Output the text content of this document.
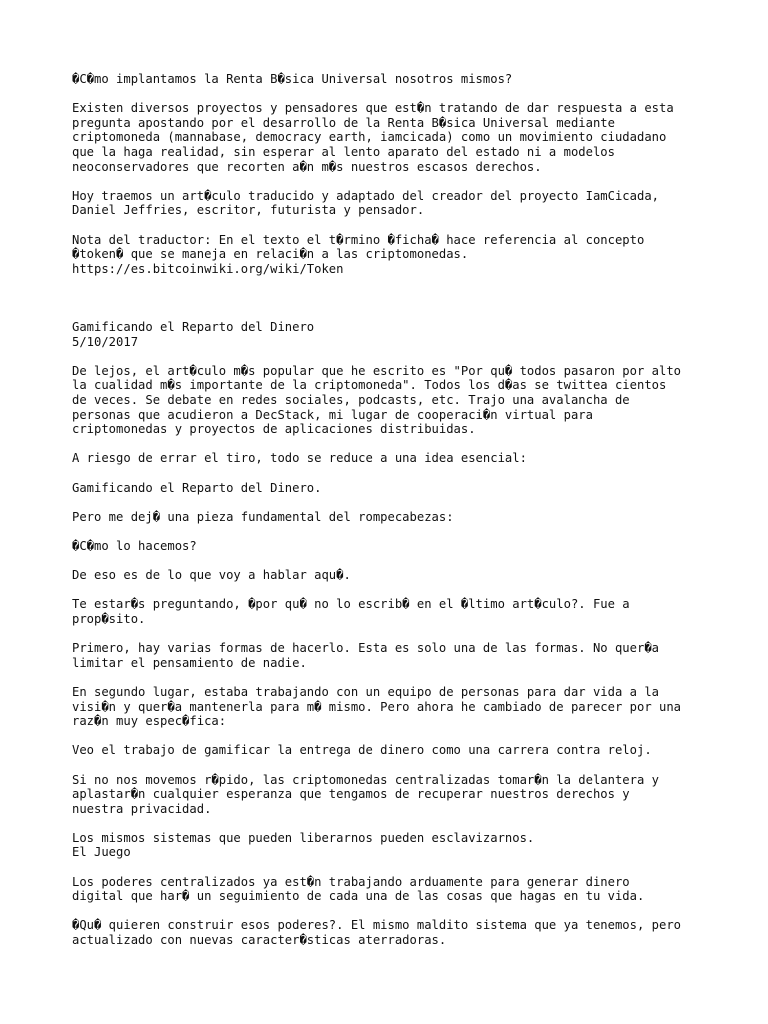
�C�mo implantamos la Renta B�sica Universal nosotros mismos?
Existen diversos proyectos y pensadores que est�n tratando de dar respuesta a esta
pregunta apostando por el desarrollo de la Renta B�sica Universal mediante
criptomoneda (mannabase, democracy earth, iamcicada) como un movimiento ciudadano
que la haga realidad, sin esperar al lento aparato del estado ni a modelos
neoconservadores que recorten a�n m�s nuestros escasos derechos.
Hoy traemos un art�culo traducido y adaptado del creador del proyecto IamCicada,
Daniel Jeffries, escritor, futurista y pensador.
Nota del traductor: En el texto el t�rmino �ficha� hace referencia al concepto
�token� que se maneja en relaci�n a las criptomonedas.
https://es.bitcoinwiki.org/wiki/Token
Gamificando el Reparto del Dinero
5/10/2017
De lejos, el art�culo m�s popular que he escrito es "Por qu� todos pasaron por alto
la cualidad m�s importante de la criptomoneda". Todos los d�as se twittea cientos
de veces. Se debate en redes sociales, podcasts, etc. Trajo una avalancha de
personas que acudieron a DecStack, mi lugar de cooperaci�n virtual para
criptomonedas y proyectos de aplicaciones distribuidas.
A riesgo de errar el tiro, todo se reduce a una idea esencial:
Gamificando el Reparto del Dinero.
Pero me dej� una pieza fundamental del rompecabezas:
�C�mo lo hacemos?
De eso es de lo que voy a hablar aqu�.
Te estar�s preguntando, �por qu� no lo escrib� en el �ltimo art�culo?. Fue a
prop�sito.
Primero, hay varias formas de hacerlo. Esta es solo una de las formas. No quer�a
limitar el pensamiento de nadie.
En segundo lugar, estaba trabajando con un equipo de personas para dar vida a la
visi�n y quer�a mantenerla para m� mismo. Pero ahora he cambiado de parecer por una
raz�n muy espec�fica:
Veo el trabajo de gamificar la entrega de dinero como una carrera contra reloj.
Si no nos movemos r�pido, las criptomonedas centralizadas tomar�n la delantera y
aplastar�n cualquier esperanza que tengamos de recuperar nuestros derechos y
nuestra privacidad.
Los mismos sistemas que pueden liberarnos pueden esclavizarnos.
El Juego
Los poderes centralizados ya est�n trabajando arduamente para generar dinero
digital que har� un seguimiento de cada una de las cosas que hagas en tu vida.
�Qu� quieren construir esos poderes?. El mismo maldito sistema que ya tenemos, pero
actualizado con nuevas caracter�sticas aterradoras.
